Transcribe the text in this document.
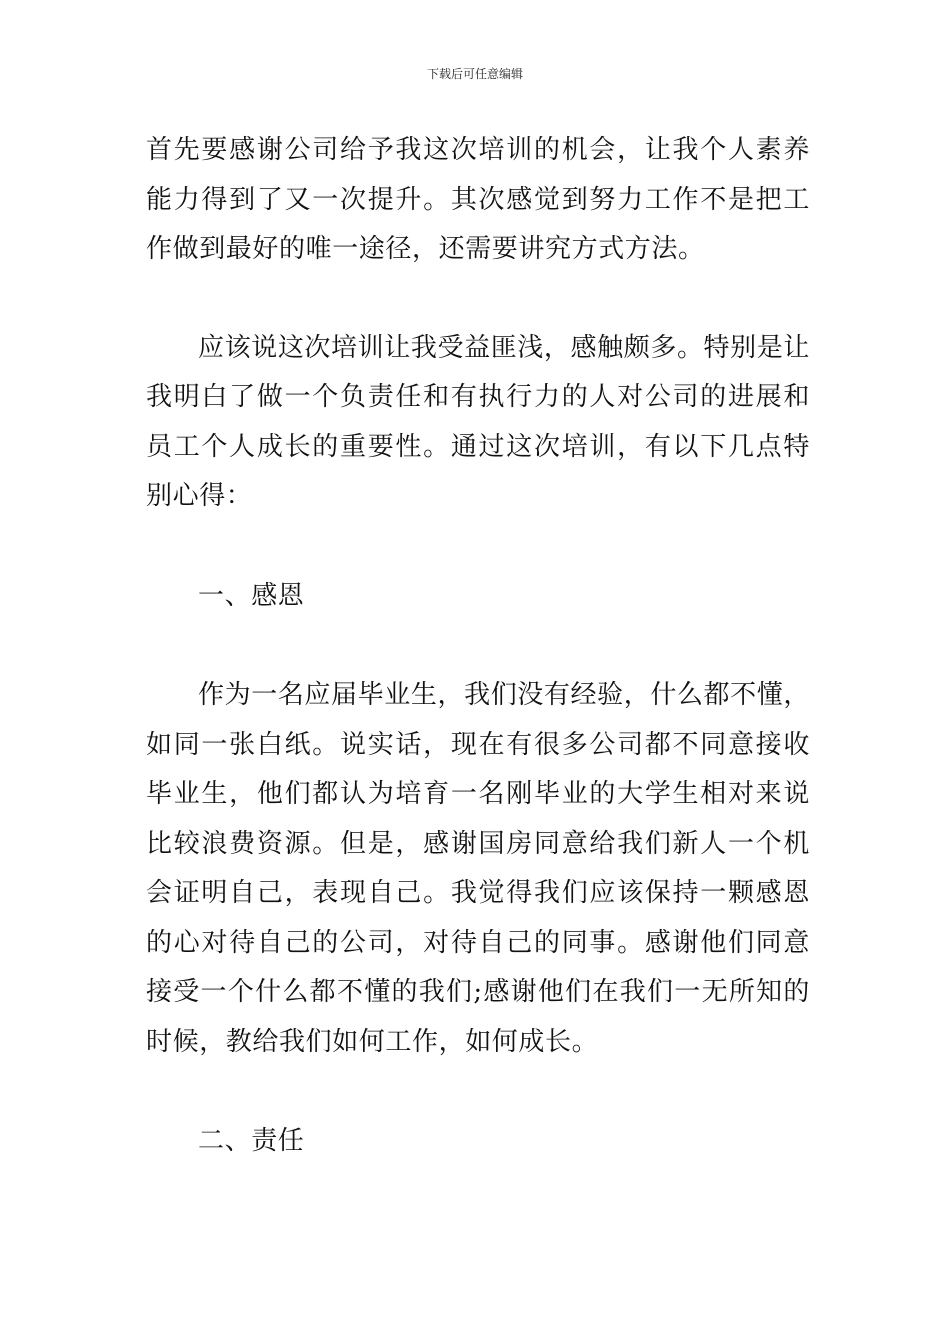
下载后可任意编辑

首先要感谢公司给予我这次培训的机会，让我个人素养能力得到了又一次提升。其次感觉到努力工作不是把工作做到最好的唯一途径，还需要讲究方式方法。

应该说这次培训让我受益匪浅，感触颇多。特别是让我明白了做一个负责任和有执行力的人对公司的进展和员工个人成长的重要性。通过这次培训，有以下几点特别心得：

一、感恩

作为一名应届毕业生，我们没有经验，什么都不懂，如同一张白纸。说实话，现在有很多公司都不同意接收毕业生，他们都认为培育一名刚毕业的大学生相对来说比较浪费资源。但是，感谢国房同意给我们新人一个机会证明自己，表现自己。我觉得我们应该保持一颗感恩的心对待自己的公司，对待自己的同事。感谢他们同意接受一个什么都不懂的我们;感谢他们在我们一无所知的时候，教给我们如何工作，如何成长。

二、责任
